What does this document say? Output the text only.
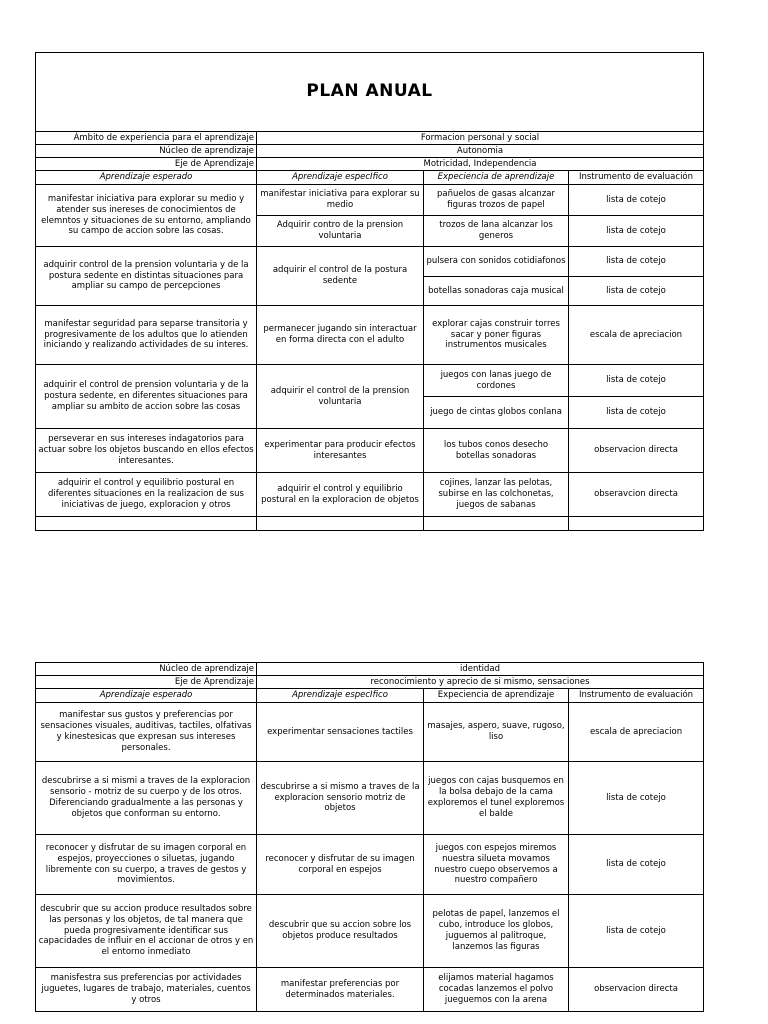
PLAN ANUAL			
Ámbito de experiencia para el aprendizaje	Formacion personal y social		
Núcleo de aprendizaje	Autonomia		
Eje de Aprendizaje	Motricidad, Independencia		
Aprendizaje esperado	Aprendizaje especIfico	Expeciencia de aprendizaje	Instrumento de evaluación
manifestar iniciativa para explorar su medio y atender sus inereses de conocimientos de elemntos y situaciones de su entorno, ampliando su campo de accion sobre las cosas.	manifestar iniciativa para explorar su medio	pañuelos de gasas alcanzar figuras trozos de papel	lista de cotejo
	Adquirir contro de la prension voluntaria	trozos de lana alcanzar los generos	lista de cotejo
adquirir control de la prension voluntaria y de la postura sedente en distintas situaciones para ampliar su campo de percepciones	adquirir el control de la postura sedente	pulsera con sonidos cotidiafonos	lista de cotejo
		botellas sonadoras caja musical	lista de cotejo
manifestar seguridad para separse transitoria y progresivamente de los adultos que lo atienden iniciando y realizando actividades de su interes.	permanecer jugando sin interactuar en forma directa con el adulto	explorar cajas construir torres sacar y poner figuras instrumentos musicales	escala de apreciacion
adquirir el control de prension voluntaria y de la postura sedente, en diferentes situaciones para ampliar su ambito de accion sobre las cosas	adquirir el control de la prension voluntaria	juegos con lanas juego de cordones	lista de cotejo
		juego de cintas globos conlana	lista de cotejo
perseverar en sus intereses indagatorios para actuar sobre los objetos buscando en ellos efectos interesantes.	experimentar para producir efectos interesantes	los tubos conos desecho botellas sonadoras	observacion directa
adquirir el control y equilibrio postural en diferentes situaciones en la realizacion de sus iniciativas de juego, exploracion y otros	adquirir el control y equilibrio postural en la exploracion de objetos	cojines, lanzar las pelotas, subirse en las colchonetas, juegos de sabanas	obseravcion directa

Núcleo de aprendizaje	identidad		
Eje de Aprendizaje	reconocimiento y aprecio de si mismo, sensaciones		
Aprendizaje esperado	Aprendizaje especIfico	Expeciencia de aprendizaje	Instrumento de evaluación
manifestar sus gustos y preferencias por sensaciones visuales, auditivas, tactiles, olfativas y kinestesicas que expresan sus intereses personales.	experimentar sensaciones tactiles	masajes, aspero, suave, rugoso, liso	escala de apreciacion
descubrirse a si mismi a traves de la exploracion sensorio - motriz de su cuerpo y de los otros. Diferenciando gradualmente a las personas y objetos que conforman su entorno.	descubrirse a si mismo a traves de la exploracion sensorio motriz de objetos	juegos con cajas busquemos en la bolsa debajo de la cama exploremos el tunel exploremos el balde	lista de cotejo
reconocer y disfrutar de su imagen corporal en espejos, proyecciones o siluetas, jugando libremente con su cuerpo, a traves de gestos y movimientos.	reconocer y disfrutar de su imagen corporal en espejos	juegos con espejos miremos nuestra silueta movamos nuestro cuepo observemos a nuestro compañero	lista de cotejo
descubrir que su accion produce resultados sobre las personas y los objetos, de tal manera que pueda progresivamente identificar sus capacidades de influir en el accionar de otros y en el entorno inmediato	descubrir que su accion sobre los objetos produce resultados	pelotas de papel, lanzemos el cubo, introduce los globos, juguemos al palitroque, lanzemos las figuras	lista de cotejo
manisfestra sus preferencias por actividades juguetes, lugares de trabajo, materiales, cuentos y otros	manifestar preferencias por determinados materiales.	elijamos material hagamos cocadas lanzemos el polvo jueguemos con la arena	observacion directa
